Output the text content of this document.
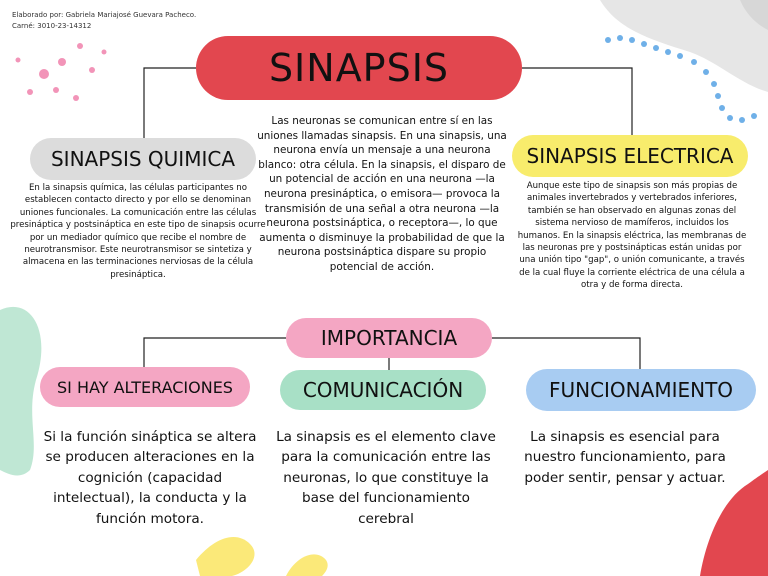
Elaborado por: Gabriela Mariajosé Guevara Pacheco.
Carné: 3010-23-14312
SINAPSIS
Las neuronas se comunican entre sí en las uniones llamadas sinapsis. En una sinapsis, una neurona envía un mensaje a una neurona blanco: otra célula. En la sinapsis, el disparo de un potencial de acción en una neurona —la neurona presináptica, o emisora— provoca la transmisión de una señal a otra neurona —la neurona postsináptica, o receptora—, lo que aumenta o disminuye la probabilidad de que la neurona postsináptica dispare su propio potencial de acción.
SINAPSIS QUIMICA
En la sinapsis química, las células participantes no establecen contacto directo y por ello se denominan uniones funcionales. La comunicación entre las células presináptica y postsináptica en este tipo de sinapsis ocurre por un mediador químico que recibe el nombre de neurotransmisor. Este neurotransmisor se sintetiza y almacena en las terminaciones nerviosas de la célula presináptica.
SINAPSIS ELECTRICA
Aunque este tipo de sinapsis son más propias de animales invertebrados y vertebrados inferiores, también se han observado en algunas zonas del sistema nervioso de mamíferos, incluidos los humanos. En la sinapsis eléctrica, las membranas de las neuronas pre y postsinápticas están unidas por una unión tipo "gap", o unión comunicante, a través de la cual fluye la corriente eléctrica de una célula a otra y de forma directa.
IMPORTANCIA
SI HAY ALTERACIONES
Si la función sináptica se altera se producen alteraciones en la cognición (capacidad intelectual), la conducta y la función motora.
COMUNICACIÓN
La sinapsis es el elemento clave para la comunicación entre las neuronas, lo que constituye la base del funcionamiento cerebral
FUNCIONAMIENTO
La sinapsis es esencial para nuestro funcionamiento, para poder sentir, pensar y actuar.
